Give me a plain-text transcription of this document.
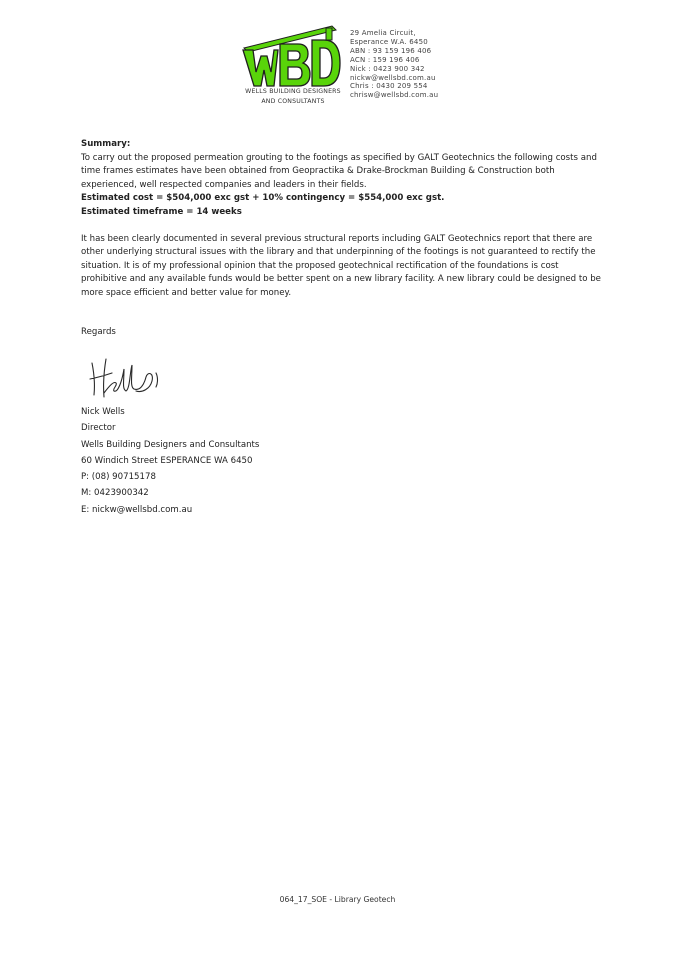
WELLS BUILDING DESIGNERS
AND CONSULTANTS
29 Amelia Circuit,
Esperance W.A. 6450
ABN : 93 159 196 406
ACN : 159 196 406
Nick : 0423 900 342
nickw@wellsbd.com.au
Chris : 0430 209 554
chrisw@wellsbd.com.au

Summary:

To carry out the proposed permeation grouting to the footings as specified by GALT Geotechnics the following costs and time frames estimates have been obtained from Geopractika & Drake-Brockman Building & Construction both experienced, well respected companies and leaders in their fields.

Estimated cost = $504,000 exc gst + 10% contingency = $554,000 exc gst.

Estimated timeframe = 14 weeks

It has been clearly documented in several previous structural reports including GALT Geotechnics report that there are other underlying structural issues with the library and that underpinning of the footings is not guaranteed to rectify the situation. It is of my professional opinion that the proposed geotechnical rectification of the foundations is cost prohibitive and any available funds would be better spent on a new library facility. A new library could be designed to be more space efficient and better value for money.

Regards
Nick Wells
Director
Wells Building Designers and Consultants
60 Windich Street ESPERANCE WA 6450
P: (08) 90715178
M: 0423900342
E: nickw@wellsbd.com.au
064_17_SOE - Library Geotech
